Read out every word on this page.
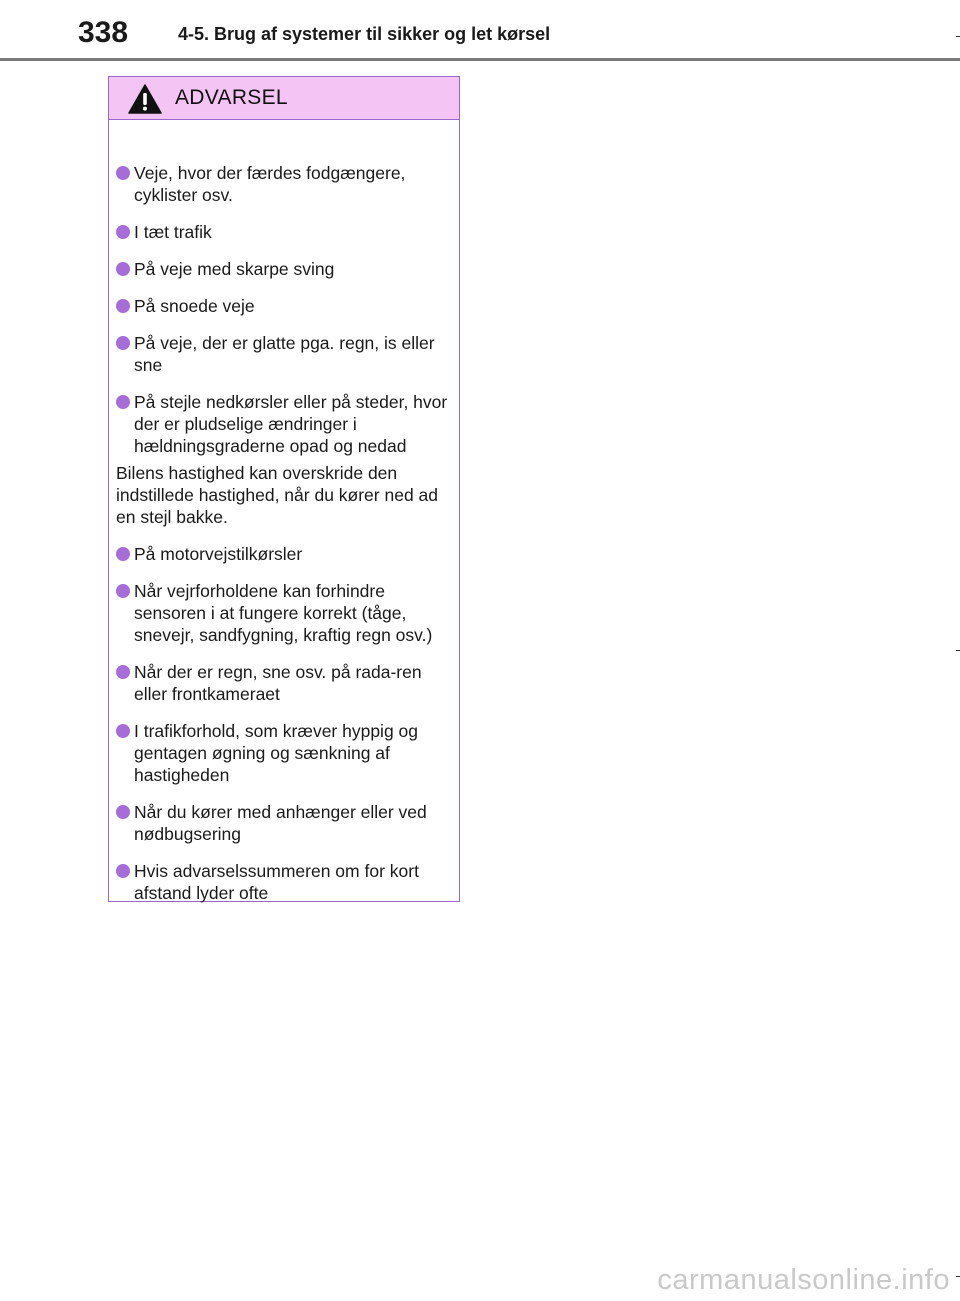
338	4-5. Brug af systemer til sikker og let kørsel
ADVARSEL
Veje, hvor der færdes fodgængere, cyklister osv.
I tæt trafik
På veje med skarpe sving
På snoede veje
På veje, der er glatte pga. regn, is eller sne
På stejle nedkørsler eller på steder, hvor der er pludselige ændringer i hældningsgraderne opad og nedad
Bilens hastighed kan overskride den indstillede hastighed, når du kører ned ad en stejl bakke.
På motorvejstilkørsler
Når vejrforholdene kan forhindre sensoren i at fungere korrekt (tåge, snevejr, sandfygning, kraftig regn osv.)
Når der er regn, sne osv. på rada-ren eller frontkameraet
I trafikforhold, som kræver hyppig og gentagen øgning og sænkning af hastigheden
Når du kører med anhænger eller ved nødbugsering
Hvis advarselssummeren om for kort afstand lyder ofte
carmanualsonline.info
